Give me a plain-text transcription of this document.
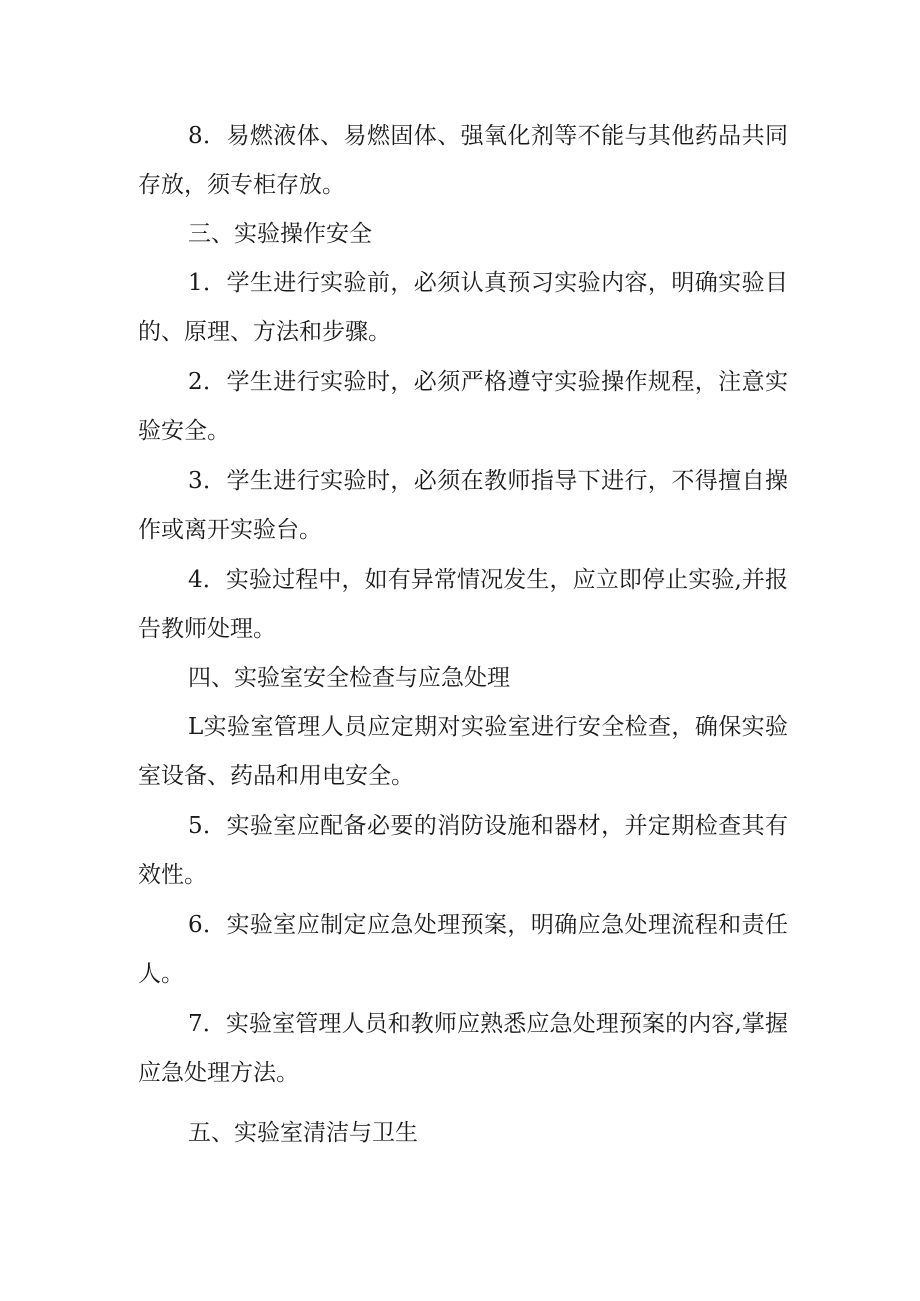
8．易燃液体、易燃固体、强氧化剂等不能与其他药品共同存放，须专柜存放。

三、实验操作安全

1．学生进行实验前，必须认真预习实验内容，明确实验目的、原理、方法和步骤。

2．学生进行实验时，必须严格遵守实验操作规程，注意实验安全。

3．学生进行实验时，必须在教师指导下进行，不得擅自操作或离开实验台。

4．实验过程中，如有异常情况发生，应立即停止实验,并报告教师处理。

四、实验室安全检查与应急处理

L实验室管理人员应定期对实验室进行安全检查，确保实验室设备、药品和用电安全。

5．实验室应配备必要的消防设施和器材，并定期检查其有效性。

6．实验室应制定应急处理预案，明确应急处理流程和责任人。

7．实验室管理人员和教师应熟悉应急处理预案的内容,掌握应急处理方法。

五、实验室清洁与卫生
